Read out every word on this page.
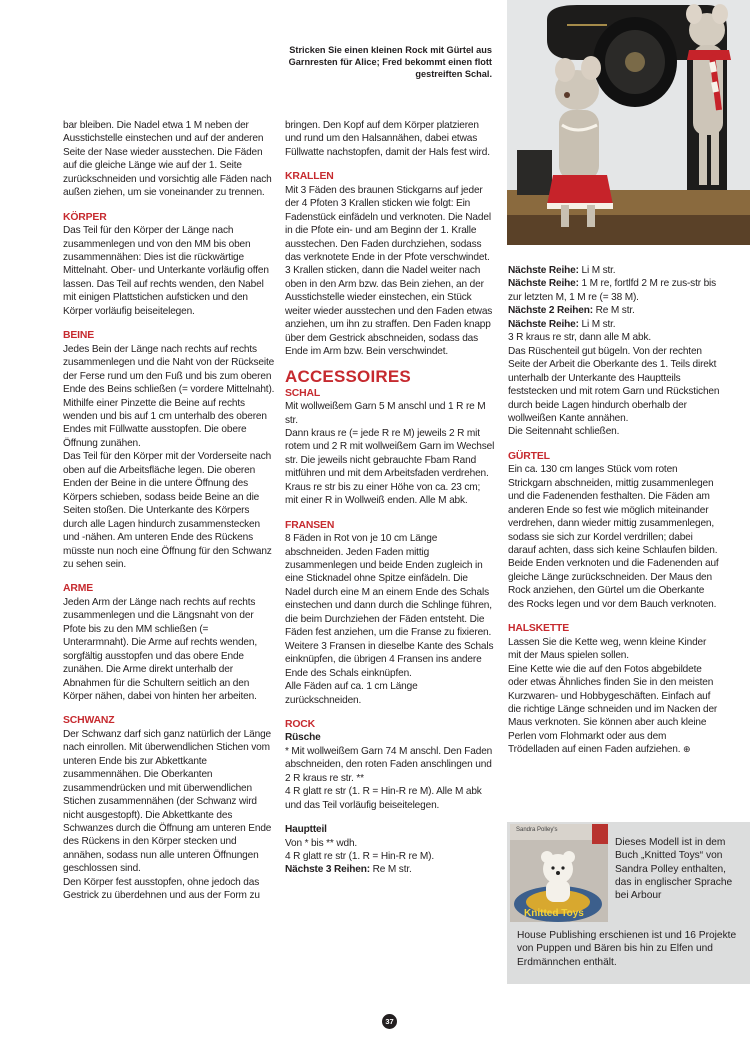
Stricken Sie einen kleinen Rock mit Gürtel aus Garnresten für Alice; Fred bekommt einen flott gestreiften Schal.

bar bleiben. Die Nadel etwa 1 M neben der Ausstichstelle einstechen und auf der anderen Seite der Nase wieder ausstechen. Die Fäden auf die gleiche Länge wie auf der 1. Seite zurückschneiden und vorsichtig alle Fäden nach außen ziehen, um sie voneinander zu trennen.

KÖRPER

Das Teil für den Körper der Länge nach zusammenlegen und von den MM bis oben zusammennähen: Dies ist die rückwärtige Mittelnaht. Ober- und Unterkante vorläufig offen lassen. Das Teil auf rechts wenden, den Nabel mit einigen Plattstichen aufsticken und den Körper vorläufig beiseitelegen.

BEINE

Jedes Bein der Länge nach rechts auf rechts zusammenlegen und die Naht von der Rückseite der Ferse rund um den Fuß und bis zum oberen Ende des Beins schließen (= vordere Mittelnaht). Mithilfe einer Pinzette die Beine auf rechts wenden und bis auf 1 cm unterhalb des oberen Endes mit Füllwatte ausstopfen. Die obere Öffnung zunähen.

Das Teil für den Körper mit der Vorderseite nach oben auf die Arbeitsfläche legen. Die oberen Enden der Beine in die untere Öffnung des Körpers schieben, sodass beide Beine an die Seiten stoßen. Die Unterkante des Körpers durch alle Lagen hindurch zusammenstecken und -nähen. Am unteren Ende des Rückens müsste nun noch eine Öffnung für den Schwanz zu sehen sein.

ARME

Jeden Arm der Länge nach rechts auf rechts zusammenlegen und die Längsnaht von der Pfote bis zu den MM schließen (= Unterarmnaht). Die Arme auf rechts wenden, sorgfältig ausstopfen und das obere Ende zunähen. Die Arme direkt unterhalb der Abnahmen für die Schultern seitlich an den Körper nähen, dabei von hinten her arbeiten.

SCHWANZ

Der Schwanz darf sich ganz natürlich der Länge nach einrollen. Mit überwendlichen Stichen vom unteren Ende bis zur Abkettkante zusammennähen. Die Oberkanten zusammendrücken und mit überwendlichen Stichen zusammennähen (der Schwanz wird nicht ausgestopft). Die Abkettkante des Schwanzes durch die Öffnung am unteren Ende des Rückens in den Körper stecken und annähen, sodass nun alle unteren Öffnungen geschlossen sind.

Den Körper fest ausstopfen, ohne jedoch das Gestrick zu überdehnen und aus der Form zu

bringen. Den Kopf auf dem Körper platzieren und rund um den Halsannähen, dabei etwas Füllwatte nachstopfen, damit der Hals fest wird.

KRALLEN

Mit 3 Fäden des braunen Stickgarns auf jeder der 4 Pfoten 3 Krallen sticken wie folgt: Ein Fadenstück einfädeln und verknoten. Die Nadel in die Pfote ein- und am Beginn der 1. Kralle ausstechen. Den Faden durchziehen, sodass das verknotete Ende in der Pfote verschwindet. 3 Krallen sticken, dann die Nadel weiter nach oben in den Arm bzw. das Bein ziehen, an der Ausstichstelle wieder einstechen, ein Stück weiter wieder ausstechen und den Faden etwas anziehen, um ihn zu straffen. Den Faden knapp über dem Gestrick abschneiden, sodass das Ende im Arm bzw. Bein verschwindet.

ACCESSOIRES

SCHAL

Mit wollweißem Garn 5 M anschl und 1 R re M str.

Dann kraus re (= jede R re M) jeweils 2 R mit rotem und 2 R mit wollweißem Garn im Wechsel str. Die jeweils nicht gebrauchte Fbam Rand mitführen und mit dem Arbeitsfaden verdrehen. Kraus re str bis zu einer Höhe von ca. 23 cm; mit einer R in Wollweiß enden. Alle M abk.

FRANSEN

8 Fäden in Rot von je 10 cm Länge abschneiden. Jeden Faden mittig zusammenlegen und beide Enden zugleich in eine Sticknadel ohne Spitze einfädeln. Die Nadel durch eine M an einem Ende des Schals einstechen und dann durch die Schlinge führen, die beim Durchziehen der Fäden entsteht. Die Fäden fest anziehen, um die Franse zu fixieren.

Weitere 3 Fransen in dieselbe Kante des Schals einknüpfen, die übrigen 4 Fransen ins andere Ende des Schals einknüpfen.

Alle Fäden auf ca. 1 cm Länge zurückschneiden.

ROCK

Rüsche

* Mit wollweißem Garn 74 M anschl. Den Faden abschneiden, den roten Faden anschlingen und 2 R kraus re str. **

4 R glatt re str (1. R = Hin-R re M). Alle M abk und das Teil vorläufig beiseitelegen.

Hauptteil

Von * bis ** wdh.

4 R glatt re str (1. R = Hin-R re M).

Nächste 3 Reihen: Re M str.

Nächste Reihe: Li M str.

Nächste Reihe: 1 M re, fortlfd 2 M re zus-str bis zur letzten M, 1 M re (= 38 M).

Nächste 2 Reihen: Re M str.

Nächste Reihe: Li M str.

3 R kraus re str, dann alle M abk.

Das Rüschenteil gut bügeln. Von der rechten Seite der Arbeit die Oberkante des 1. Teils direkt unterhalb der Unterkante des Hauptteils feststecken und mit rotem Garn und Rückstichen durch beide Lagen hindurch oberhalb der wollweißen Kante annähen.

Die Seitennaht schließen.

GÜRTEL

Ein ca. 130 cm langes Stück vom roten Strickgarn abschneiden, mittig zusammenlegen und die Fadenenden festhalten. Die Fäden am anderen Ende so fest wie möglich miteinander verdrehen, dann wieder mittig zusammenlegen, sodass sie sich zur Kordel verdrillen; dabei darauf achten, dass sich keine Schlaufen bilden. Beide Enden verknoten und die Fadenenden auf gleiche Länge zurückschneiden. Der Maus den Rock anziehen, den Gürtel um die Oberkante des Rocks legen und vor dem Bauch verknoten.

HALSKETTE

Lassen Sie die Kette weg, wenn kleine Kinder mit der Maus spielen sollen.

Eine Kette wie die auf den Fotos abgebildete oder etwas Ähnliches finden Sie in den meisten Kurzwaren- und Hobbygeschäften. Einfach auf die richtige Länge schneiden und im Nacken der Maus verknoten. Sie können aber auch kleine Perlen vom Flohmarkt oder aus dem Trödelladen auf einen Faden aufziehen. ⊕

Sandra Polley's
Knitted Toys
Dieses Modell ist in dem Buch „Knitted Toys“ von Sandra Polley enthalten, das in englischer Sprache bei Arbour
House Publishing erschienen ist und 16 Projekte von Puppen und Bären bis hin zu Elfen und Erdmännchen enthält.
37
